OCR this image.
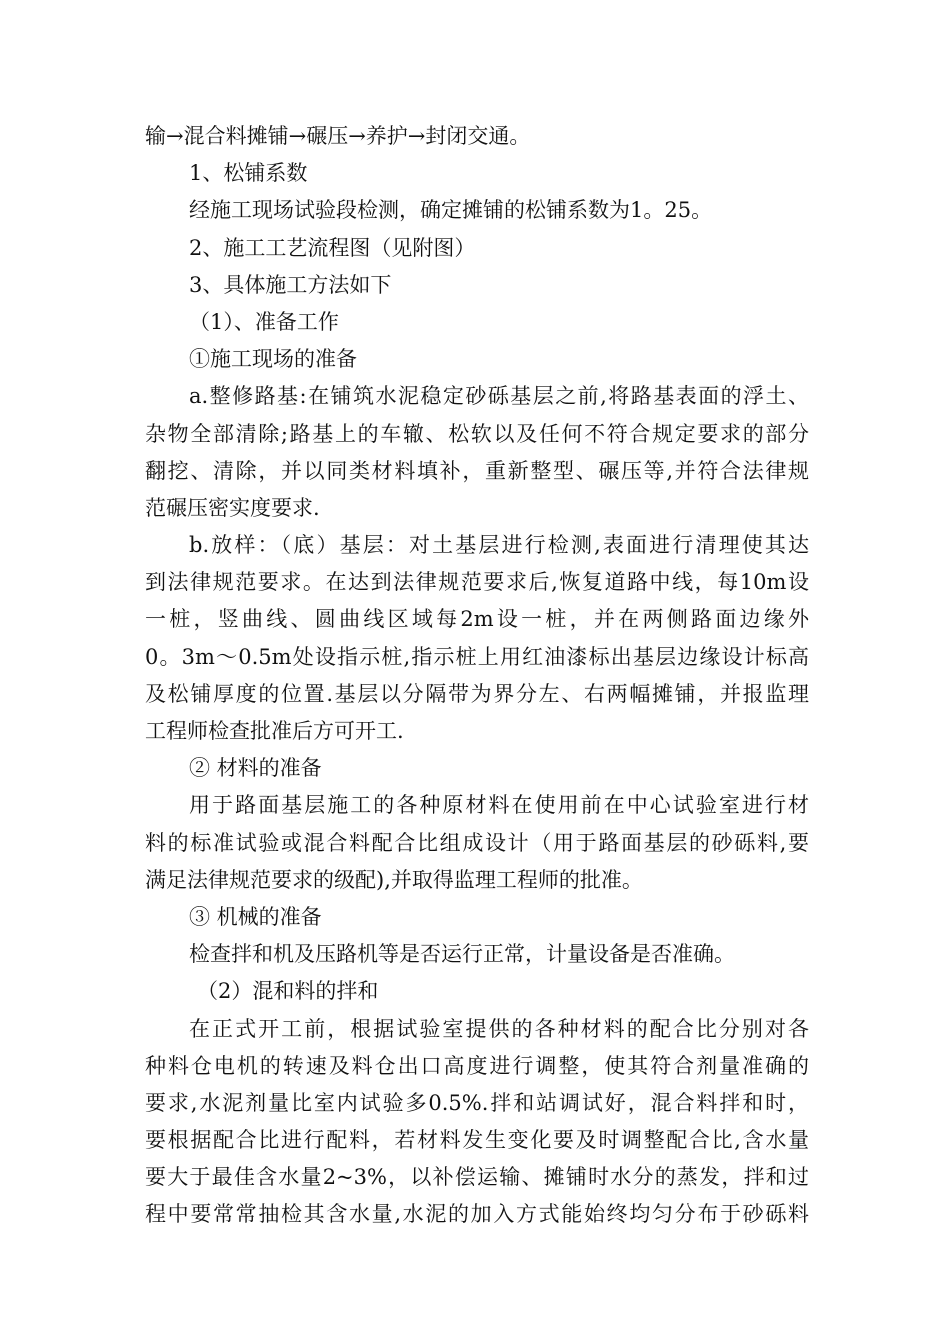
输→混合料摊铺→碾压→养护→封闭交通。
1、松铺系数
经施工现场试验段检测，确定摊铺的松铺系数为1。25。
2、施工工艺流程图（见附图）
3、具体施工方法如下
（1）、准备工作
①施工现场的准备
a.整修路基:在铺筑水泥稳定砂砾基层之前,将路基表面的浮土、
杂物全部清除;路基上的车辙、松软以及任何不符合规定要求的部分
翻挖、清除，并以同类材料填补，重新整型、碾压等,并符合法律规
范碾压密实度要求.
b.放样：（底）基层：对土基层进行检测,表面进行清理使其达
到法律规范要求。在达到法律规范要求后,恢复道路中线，每10m设
一桩，竖曲线、圆曲线区域每2m设一桩，并在两侧路面边缘外
0。3m～0.5m处设指示桩,指示桩上用红油漆标出基层边缘设计标高
及松铺厚度的位置.基层以分隔带为界分左、右两幅摊铺，并报监理
工程师检查批准后方可开工.
② 材料的准备
用于路面基层施工的各种原材料在使用前在中心试验室进行材
料的标准试验或混合料配合比组成设计（用于路面基层的砂砾料,要
满足法律规范要求的级配),并取得监理工程师的批准。
③ 机械的准备
检查拌和机及压路机等是否运行正常，计量设备是否准确。
（2）混和料的拌和
在正式开工前，根据试验室提供的各种材料的配合比分别对各
种料仓电机的转速及料仓出口高度进行调整，使其符合剂量准确的
要求,水泥剂量比室内试验多0.5%.拌和站调试好，混合料拌和时，
要根据配合比进行配料，若材料发生变化要及时调整配合比,含水量
要大于最佳含水量2~3%，以补偿运输、摊铺时水分的蒸发，拌和过
程中要常常抽检其含水量,水泥的加入方式能始终均匀分布于砂砾料
